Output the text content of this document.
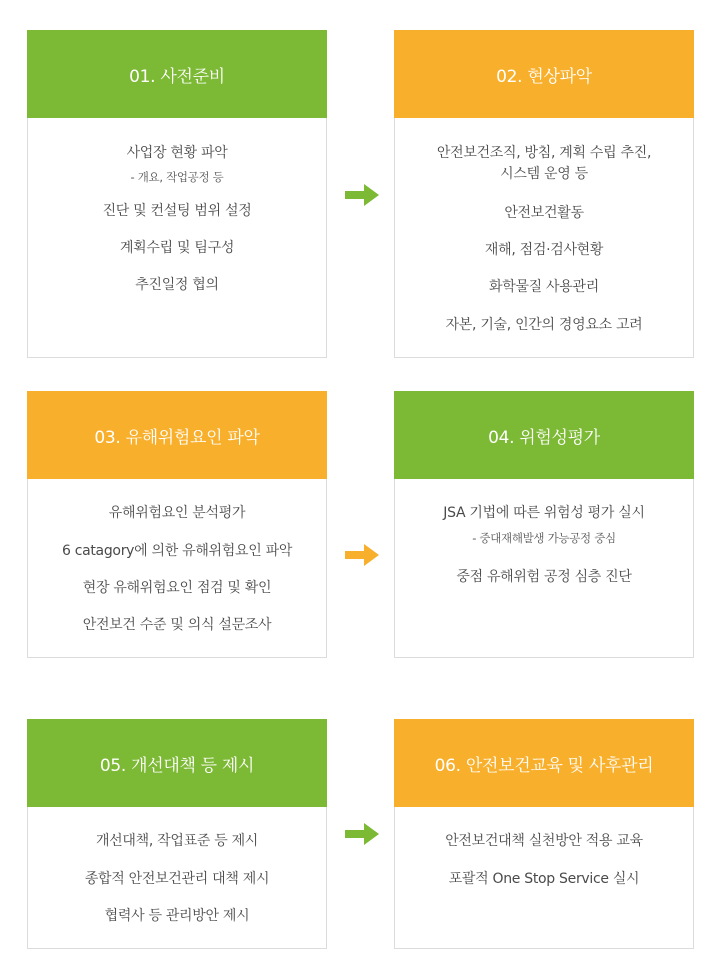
01. 사전준비
사업장 현황 파악
- 개요, 작업공정 등
진단 및 컨설팅 범위 설정
계획수립 및 팀구성
추진일정 협의
02. 현상파악
안전보건조직, 방침, 계획 수립 추진,
시스템 운영 등
안전보건활동
재해, 점검·검사현황
화학물질 사용관리
자본, 기술, 인간의 경영요소 고려
03. 유해위험요인 파악
유해위험요인 분석평가
6 catagory에 의한 유해위험요인 파악
현장 유해위험요인 점검 및 확인
안전보건 수준 및 의식 설문조사
04. 위험성평가
JSA 기법에 따른 위험성 평가 실시
- 중대재해발생 가능공정 중심
중점 유해위험 공정 심층 진단
05. 개선대책 등 제시
개선대책, 작업표준 등 제시
종합적 안전보건관리 대책 제시
협력사 등 관리방안 제시
06. 안전보건교육 및 사후관리
안전보건대책 실천방안 적용 교육
포괄적 One Stop Service 실시
